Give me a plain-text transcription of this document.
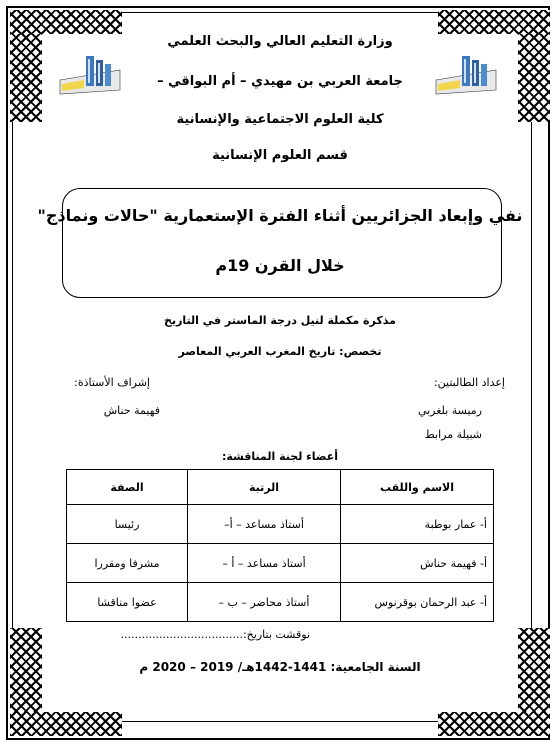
وزارة التعليم العالي والبحث العلمي
جامعة العربي بن مهيدي – أم البواقي –
كلية العلوم الاجتماعية والإنسانية
قسم العلوم الإنسانية
نفي وإبعاد الجزائريين أثناء الفترة الإستعمارية "حالات ونماذج"
خلال القرن 19م
مذكرة مكملة لنيل درجة الماستر في التاريخ
تخصص: تاريخ المغرب العربي المعاصر
إعداد الطالبتين:
رميسة بلغربي
شبيلة مرابط
إشراف الأستاذة:
فهيمة حناش
أعضاء لجنة المناقشة:
الاسم واللقب	الرتبة	الصفة
أ- عمار بوطبة	أستاذ مساعد – أ–	رئيسا
أ- فهيمة حناش	أستاذ مساعد – أ –	مشرفا ومقررا
أ- عبد الرحمان بوقرنوس	أستاذ محاضر – ب –	عضوا مناقشا
نوقشت بتاريخ:...................................
السنة الجامعية: 1441-1442هـ/ 2019 – 2020 م
